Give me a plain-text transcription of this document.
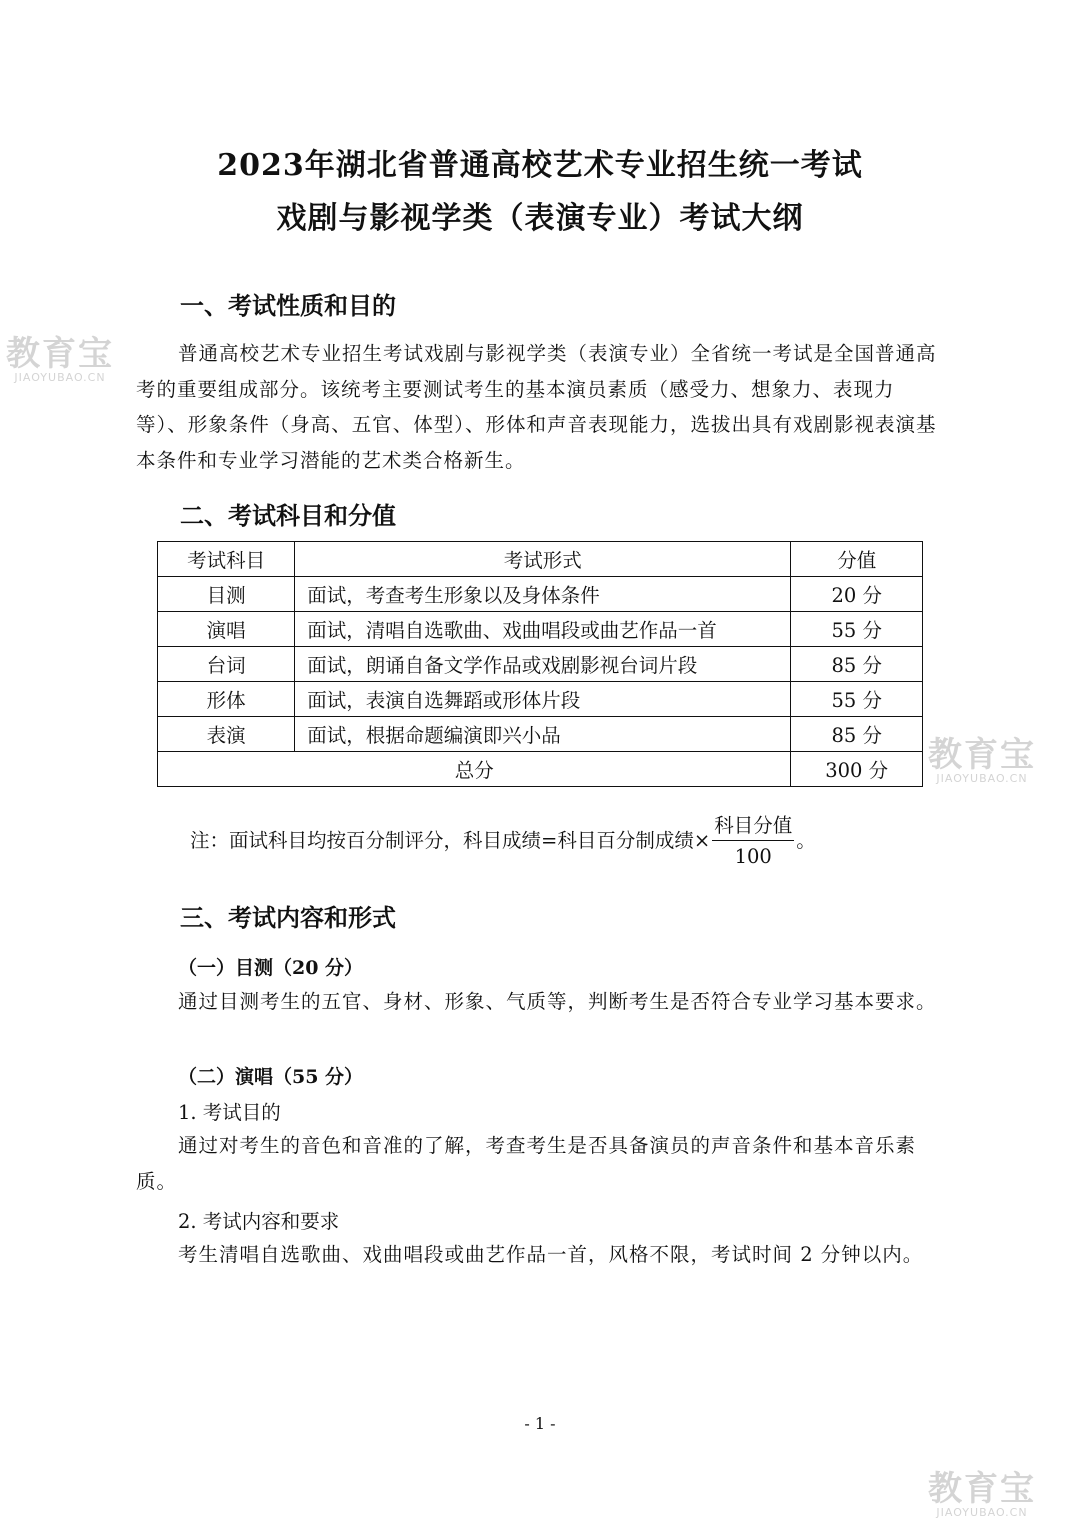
2023年湖北省普通高校艺术专业招生统一考试
戏剧与影视学类（表演专业）考试大纲
一、考试性质和目的
普通高校艺术专业招生考试戏剧与影视学类（表演专业）全省统一考试是全国普通高考的重要组成部分。该统考主要测试考生的基本演员素质（感受力、想象力、表现力等）、形象条件（身高、五官、体型）、形体和声音表现能力，选拔出具有戏剧影视表演基本条件和专业学习潜能的艺术类合格新生。
二、考试科目和分值
考试科目	考试形式	分值
目测	面试，考查考生形象以及身体条件	20 分
演唱	面试，清唱自选歌曲、戏曲唱段或曲艺作品一首	55 分
台词	面试，朗诵自备文学作品或戏剧影视台词片段	85 分
形体	面试，表演自选舞蹈或形体片段	55 分
表演	面试，根据命题编演即兴小品	85 分
总分		300 分
注：面试科目均按百分制评分，科目成绩=科目百分制成绩× $\frac{\text{科目分值}}{100}$ 。
三、考试内容和形式
（一）目测（20 分）
通过目测考生的五官、身材、形象、气质等，判断考生是否符合专业学习基本要求。
（二）演唱（55 分）
1. 考试目的
通过对考生的音色和音准的了解，考查考生是否具备演员的声音条件和基本音乐素质。
2. 考试内容和要求
考生清唱自选歌曲、戏曲唱段或曲艺作品一首，风格不限，考试时间 2 分钟以内。
- 1 -
教育宝
JIAOYUBAO.CN
教育宝
JIAOYUBAO.CN
教育宝
JIAOYUBAO.CN
